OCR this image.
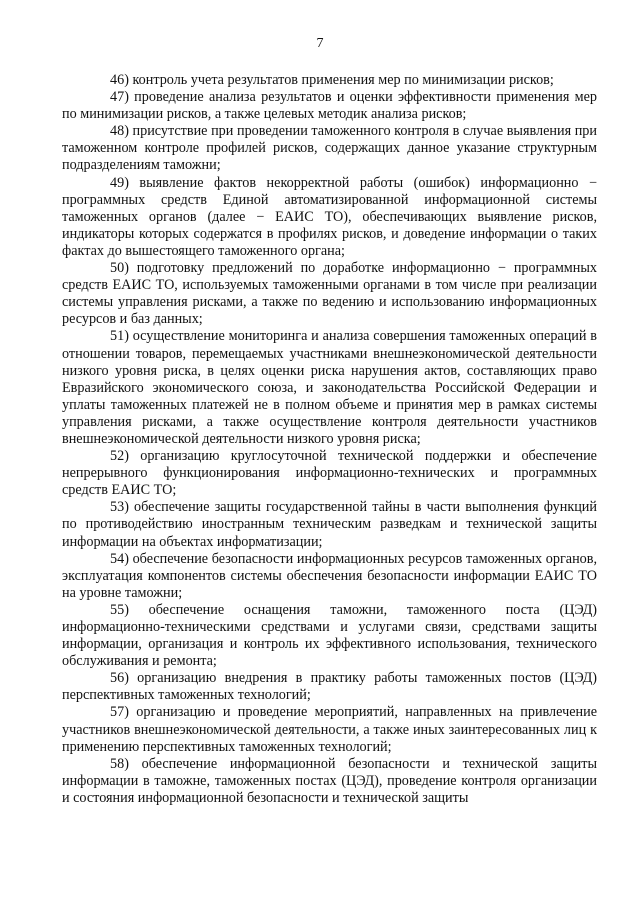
7

46) контроль учета результатов применения мер по минимизации рисков;

47) проведение анализа результатов и оценки эффективности применения мер по минимизации рисков, а также целевых методик анализа рисков;

48) присутствие при проведении таможенного контроля в случае выявления при таможенном контроле профилей рисков, содержащих данное указание структурным подразделениям таможни;

49) выявление фактов некорректной работы (ошибок) информационно − программных средств Единой автоматизированной информационной системы таможенных органов (далее − ЕАИС ТО), обеспечивающих выявление рисков, индикаторы которых содержатся в профилях рисков, и доведение информации о таких фактах до вышестоящего таможенного органа;

50) подготовку предложений по доработке информационно − программных средств ЕАИС ТО, используемых таможенными органами в том числе при реализации системы управления рисками, а также по ведению и использованию информационных ресурсов и баз данных;

51) осуществление мониторинга и анализа совершения таможенных операций в отношении товаров, перемещаемых участниками внешнеэкономической деятельности низкого уровня риска, в целях оценки риска нарушения актов, составляющих право Евразийского экономического союза, и законодательства Российской Федерации и уплаты таможенных платежей не в полном объеме и принятия мер в рамках системы управления рисками, а также осуществление контроля деятельности участников внешнеэкономической деятельности низкого уровня риска;

52) организацию круглосуточной технической поддержки и обеспечение непрерывного функционирования информационно-технических и программных средств ЕАИС ТО;

53) обеспечение защиты государственной тайны в части выполнения функций по противодействию иностранным техническим разведкам и технической защиты информации на объектах информатизации;

54) обеспечение безопасности информационных ресурсов таможенных органов, эксплуатация компонентов системы обеспечения безопасности информации ЕАИС ТО на уровне таможни;

55) обеспечение оснащения таможни, таможенного поста (ЦЭД) информационно-техническими средствами и услугами связи, средствами защиты информации, организация и контроль их эффективного использования, технического обслуживания и ремонта;

56) организацию внедрения в практику работы таможенных постов (ЦЭД) перспективных таможенных технологий;

57) организацию и проведение мероприятий, направленных на привлечение участников внешнеэкономической деятельности, а также иных заинтересованных лиц к применению перспективных таможенных технологий;

58) обеспечение информационной безопасности и технической защиты информации в таможне, таможенных постах (ЦЭД), проведение контроля организации и состояния информационной безопасности и технической защиты
